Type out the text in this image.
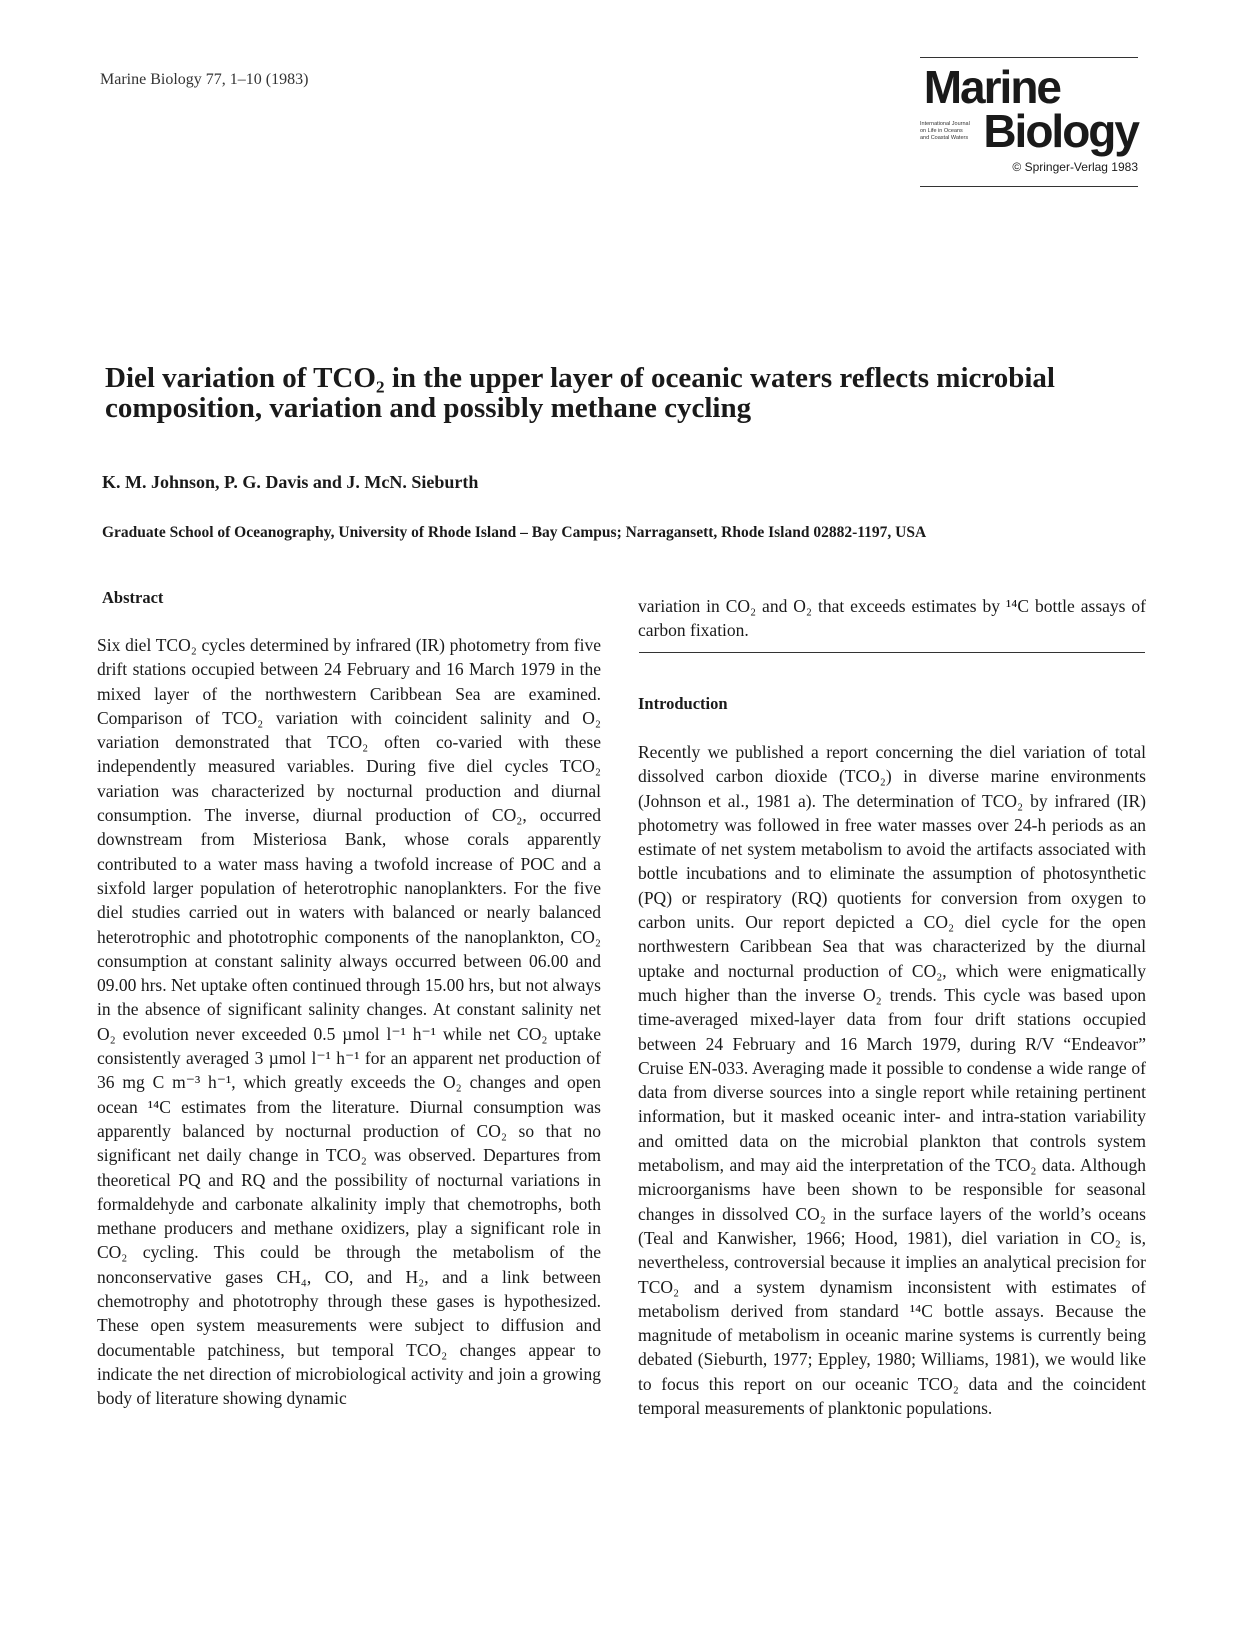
Marine Biology 77, 1–10 (1983)	Marine
International Journal
on Life in Oceans
and Coastal Waters Biology
© Springer-Verlag 1983
Diel variation of TCO₂ in the upper layer of oceanic waters reflects microbial composition, variation and possibly methane cycling
K. M. Johnson, P. G. Davis and J. McN. Sieburth
Graduate School of Oceanography, University of Rhode Island – Bay Campus; Narragansett, Rhode Island 02882-1197, USA
Abstract
Six diel TCO₂ cycles determined by infrared (IR) photometry from five drift stations occupied between 24 February and 16 March 1979 in the mixed layer of the northwestern Caribbean Sea are examined. Comparison of TCO₂ variation with coincident salinity and O₂ variation demonstrated that TCO₂ often co-varied with these independently measured variables. During five diel cycles TCO₂ variation was characterized by nocturnal production and diurnal consumption. The inverse, diurnal production of CO₂, occurred downstream from Misteriosa Bank, whose corals apparently contributed to a water mass having a twofold increase of POC and a sixfold larger population of heterotrophic nanoplankters. For the five diel studies carried out in waters with balanced or nearly balanced heterotrophic and phototrophic components of the nanoplankton, CO₂ consumption at constant salinity always occurred between 06.00 and 09.00 hrs. Net uptake often continued through 15.00 hrs, but not always in the absence of significant salinity changes. At constant salinity net O₂ evolution never exceeded 0.5 µmol l⁻¹ h⁻¹ while net CO₂ uptake consistently averaged 3 µmol l⁻¹ h⁻¹ for an apparent net production of 36 mg C m⁻³ h⁻¹, which greatly exceeds the O₂ changes and open ocean ¹⁴C estimates from the literature. Diurnal consumption was apparently balanced by nocturnal production of CO₂ so that no significant net daily change in TCO₂ was observed. Departures from theoretical PQ and RQ and the possibility of nocturnal variations in formaldehyde and carbonate alkalinity imply that chemotrophs, both methane producers and methane oxidizers, play a significant role in CO₂ cycling. This could be through the metabolism of the nonconservative gases CH₄, CO, and H₂, and a link between chemotrophy and phototrophy through these gases is hypothesized. These open system measurements were subject to diffusion and documentable patchiness, but temporal TCO₂ changes appear to indicate the net direction of microbiological activity and join a growing body of literature showing dynamic
variation in CO₂ and O₂ that exceeds estimates by ¹⁴C bottle assays of carbon fixation.
Introduction
Recently we published a report concerning the diel variation of total dissolved carbon dioxide (TCO₂) in diverse marine environments (Johnson et al., 1981 a). The determination of TCO₂ by infrared (IR) photometry was followed in free water masses over 24-h periods as an estimate of net system metabolism to avoid the artifacts associated with bottle incubations and to eliminate the assumption of photosynthetic (PQ) or respiratory (RQ) quotients for conversion from oxygen to carbon units. Our report depicted a CO₂ diel cycle for the open northwestern Caribbean Sea that was characterized by the diurnal uptake and nocturnal production of CO₂, which were enigmatically much higher than the inverse O₂ trends. This cycle was based upon time-averaged mixed-layer data from four drift stations occupied between 24 February and 16 March 1979, during R/V “Endeavor” Cruise EN-033. Averaging made it possible to condense a wide range of data from diverse sources into a single report while retaining pertinent information, but it masked oceanic inter- and intra-station variability and omitted data on the microbial plankton that controls system metabolism, and may aid the interpretation of the TCO₂ data. Although microorganisms have been shown to be responsible for seasonal changes in dissolved CO₂ in the surface layers of the world’s oceans (Teal and Kanwisher, 1966; Hood, 1981), diel variation in CO₂ is, nevertheless, controversial because it implies an analytical precision for TCO₂ and a system dynamism inconsistent with estimates of metabolism derived from standard ¹⁴C bottle assays. Because the magnitude of metabolism in oceanic marine systems is currently being debated (Sieburth, 1977; Eppley, 1980; Williams, 1981), we would like to focus this report on our oceanic TCO₂ data and the coincident temporal measurements of planktonic populations.
